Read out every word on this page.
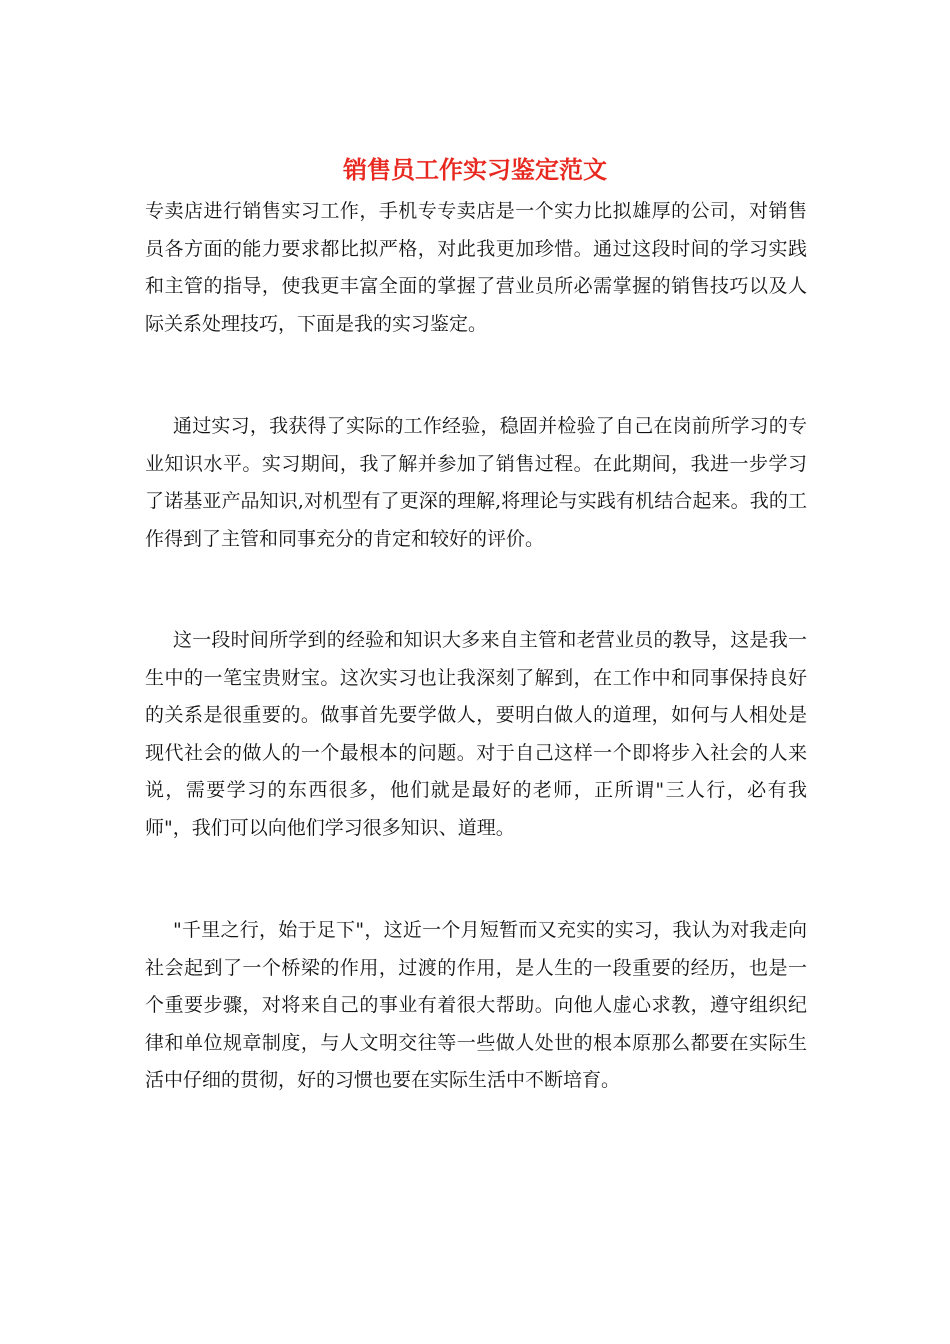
销售员工作实习鉴定范文

专卖店进行销售实习工作，手机专专卖店是一个实力比拟雄厚的公司，对销售员各方面的能力要求都比拟严格，对此我更加珍惜。通过这段时间的学习实践和主管的指导，使我更丰富全面的掌握了营业员所必需掌握的销售技巧以及人际关系处理技巧，下面是我的实习鉴定。

通过实习，我获得了实际的工作经验，稳固并检验了自己在岗前所学习的专业知识水平。实习期间，我了解并参加了销售过程。在此期间，我进一步学习了诺基亚产品知识,对机型有了更深的理解,将理论与实践有机结合起来。我的工作得到了主管和同事充分的肯定和较好的评价。

这一段时间所学到的经验和知识大多来自主管和老营业员的教导，这是我一生中的一笔宝贵财宝。这次实习也让我深刻了解到，在工作中和同事保持良好的关系是很重要的。做事首先要学做人，要明白做人的道理，如何与人相处是现代社会的做人的一个最根本的问题。对于自己这样一个即将步入社会的人来说，需要学习的东西很多，他们就是最好的老师，正所谓"三人行，必有我师"，我们可以向他们学习很多知识、道理。

"千里之行，始于足下"，这近一个月短暂而又充实的实习，我认为对我走向社会起到了一个桥梁的作用，过渡的作用，是人生的一段重要的经历，也是一个重要步骤，对将来自己的事业有着很大帮助。向他人虚心求教，遵守组织纪律和单位规章制度，与人文明交往等一些做人处世的根本原那么都要在实际生活中仔细的贯彻，好的习惯也要在实际生活中不断培育。
